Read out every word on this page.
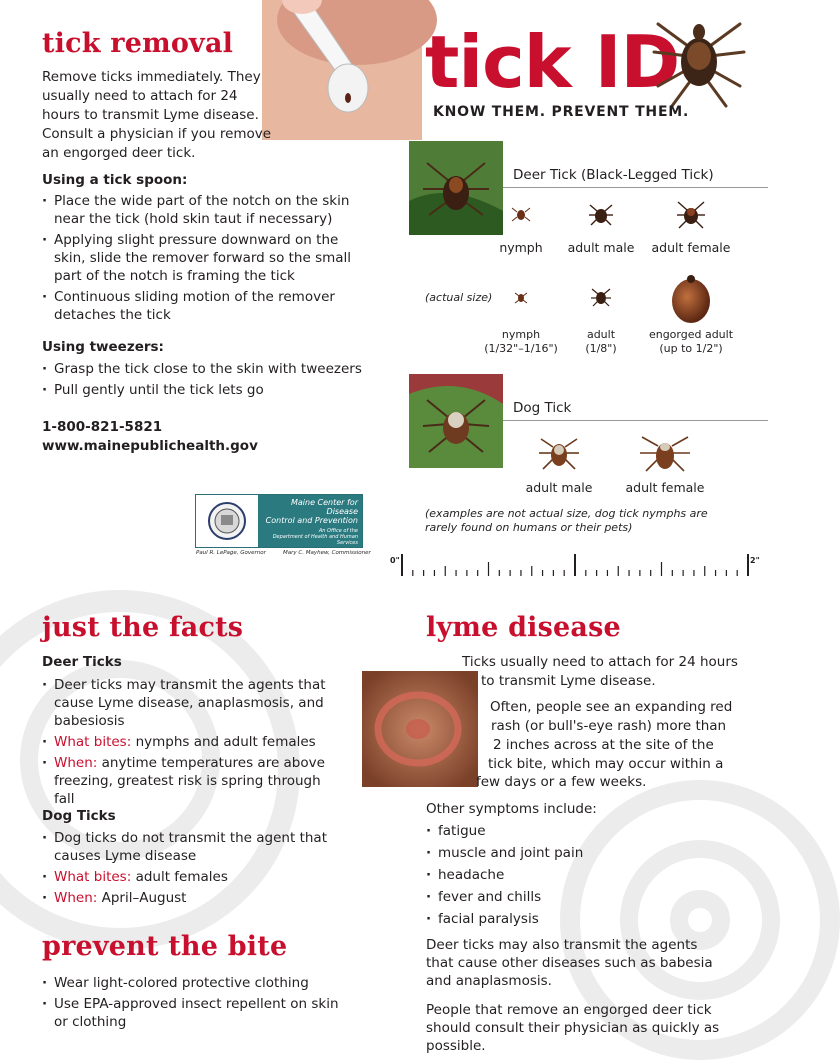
tick removal
Remove ticks immediately. They usually need to attach for 24 hours to transmit Lyme disease. Consult a physician if you remove an engorged deer tick.
Using a tick spoon:
· Place the wide part of the notch on the skin near the tick (hold skin taut if necessary)
· Applying slight pressure downward on the skin, slide the remover forward so the small part of the notch is framing the tick
· Continuous sliding motion of the remover detaches the tick
Using tweezers:
· Grasp the tick close to the skin with tweezers
· Pull gently until the tick lets go
1-800-821-5821
www.mainepublichealth.gov
Maine Center for Disease
Control and Prevention
An Office of the
Department of Health and Human Services
Paul R. LePage, Governor	Mary C. Mayhew, Commissioner
tick ID
KNOW THEM. PREVENT THEM.
Deer Tick (Black-Legged Tick)
nymph	adult male	adult female
(actual size)
nymph
(1/32"–1/16")
adult
(1/8")
engorged adult
(up to 1/2")
Dog Tick
adult male	adult female
(examples are not actual size, dog tick nymphs are rarely found on humans or their pets)
0"	2"
just the facts
Deer Ticks
· Deer ticks may transmit the agents that cause Lyme disease, anaplasmosis, and babesiosis
· What bites: nymphs and adult females
· When: anytime temperatures are above freezing, greatest risk is spring through fall
Dog Ticks
· Dog ticks do not transmit the agent that causes Lyme disease
· What bites: adult females
· When: April–August
prevent the bite
· Wear light-colored protective clothing
· Use EPA-approved insect repellent on skin or clothing
lyme disease
Ticks usually need to attach for 24 hours
to transmit Lyme disease.
Often, people see an expanding red
rash (or bull's-eye rash) more than
2 inches across at the site of the
tick bite, which may occur within a
few days or a few weeks.
Other symptoms include:
· fatigue
· muscle and joint pain
· headache
· fever and chills
· facial paralysis
Deer ticks may also transmit the agents that cause other diseases such as babesia and anaplasmosis.
People that remove an engorged deer tick should consult their physician as quickly as possible.
